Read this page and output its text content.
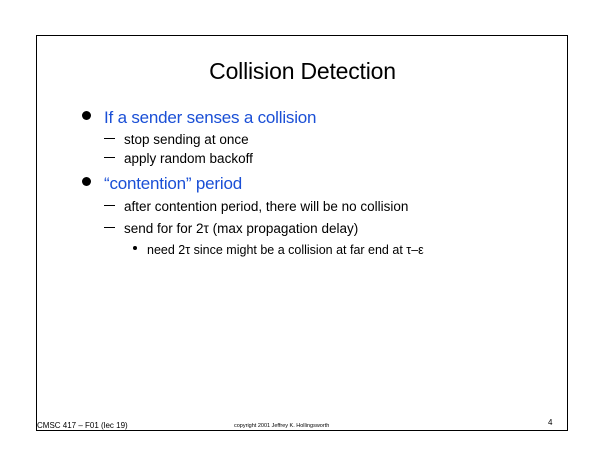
Collision Detection
If a sender senses a collision
stop sending at once
apply random backoff
“contention” period
after contention period, there will be no collision
send for for 2τ (max propagation delay)
need 2τ since might be a collision at far end at τ–ε
CMSC 417 – F01 (lec 19)	copyright 2001 Jeffrey K. Hollingsworth	4
